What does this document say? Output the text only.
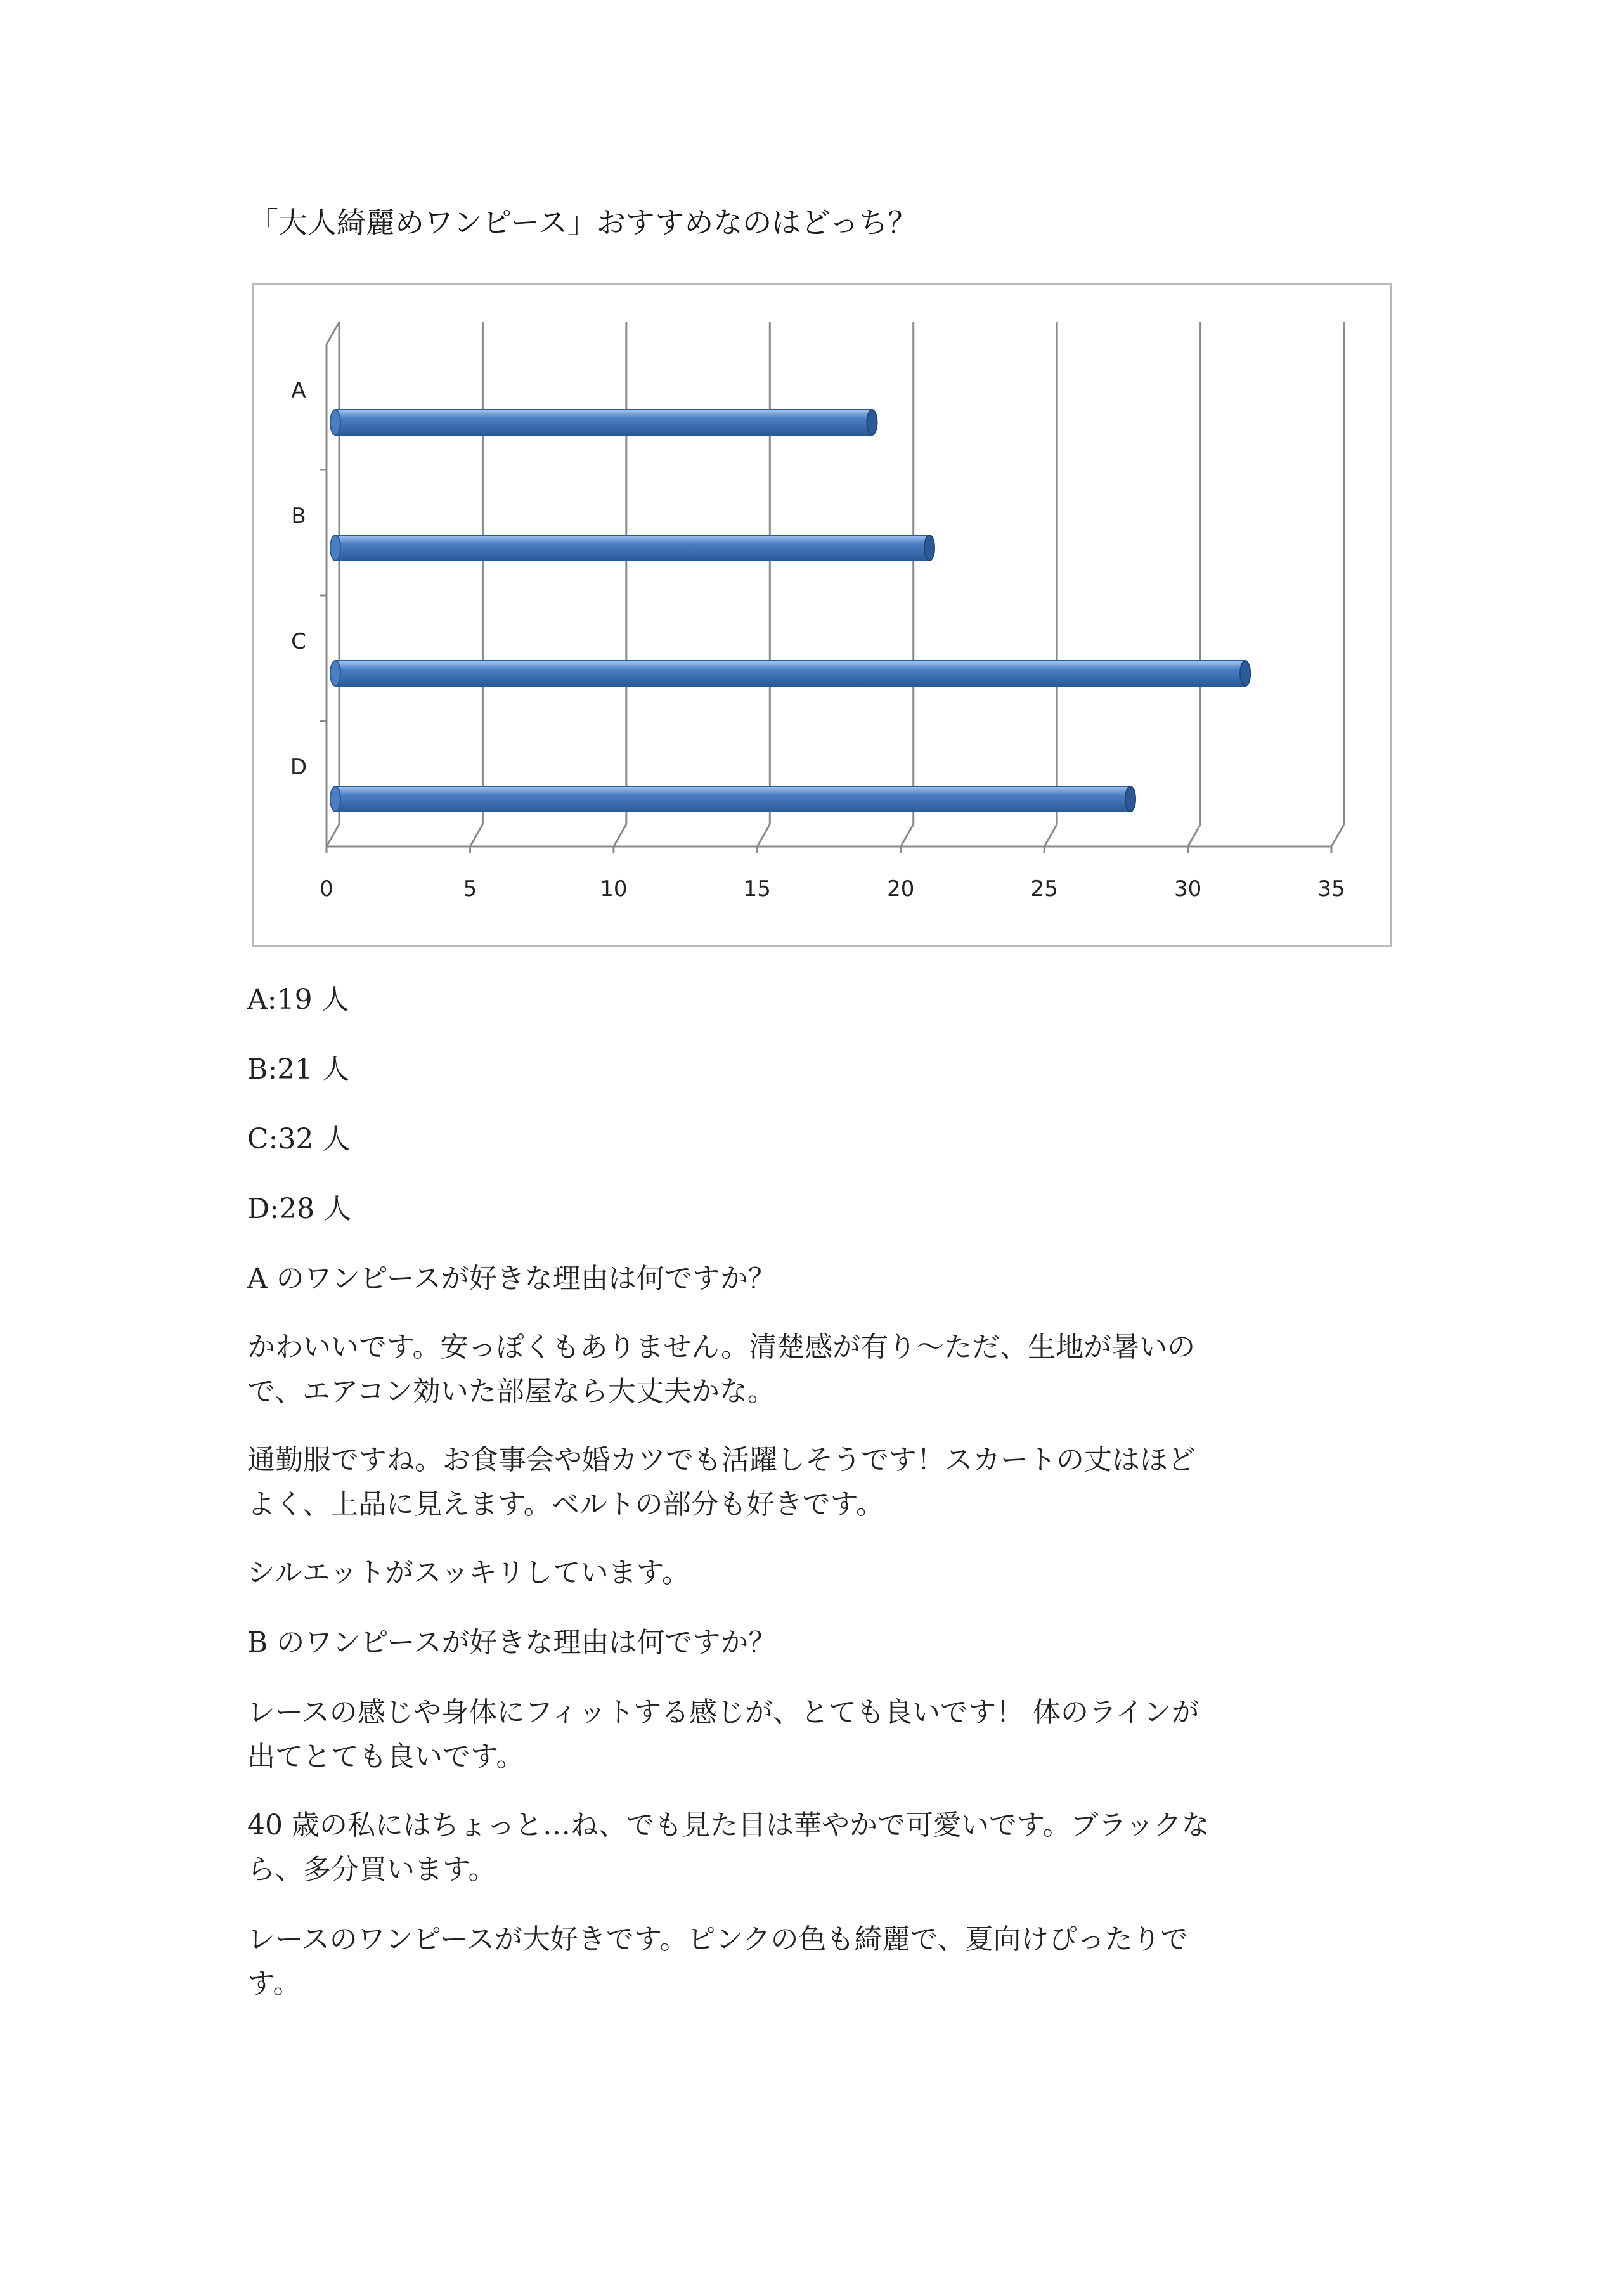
「大人綺麗めワンピース」おすすめなのはどっち？
0	5	10	15	20	25	30	35
A
B
C
D
A:19 人
B:21 人
C:32 人
D:28 人
A のワンピースが好きな理由は何ですか？
かわいいです。安っぽくもありません。清楚感が有り～ただ、生地が暑いの
で、エアコン効いた部屋なら大丈夫かな。
通勤服ですね。お食事会や婚カツでも活躍しそうです！スカートの丈はほど
よく、上品に見えます。ベルトの部分も好きです。
シルエットがスッキリしています。
B のワンピースが好きな理由は何ですか？
レースの感じや身体にフィットする感じが、とても良いです！ 体のラインが
出てとても良いです。
40 歳の私にはちょっと…ね、でも見た目は華やかで可愛いです。ブラックな
ら、多分買います。
レースのワンピースが大好きです。ピンクの色も綺麗で、夏向けぴったりで
す。
